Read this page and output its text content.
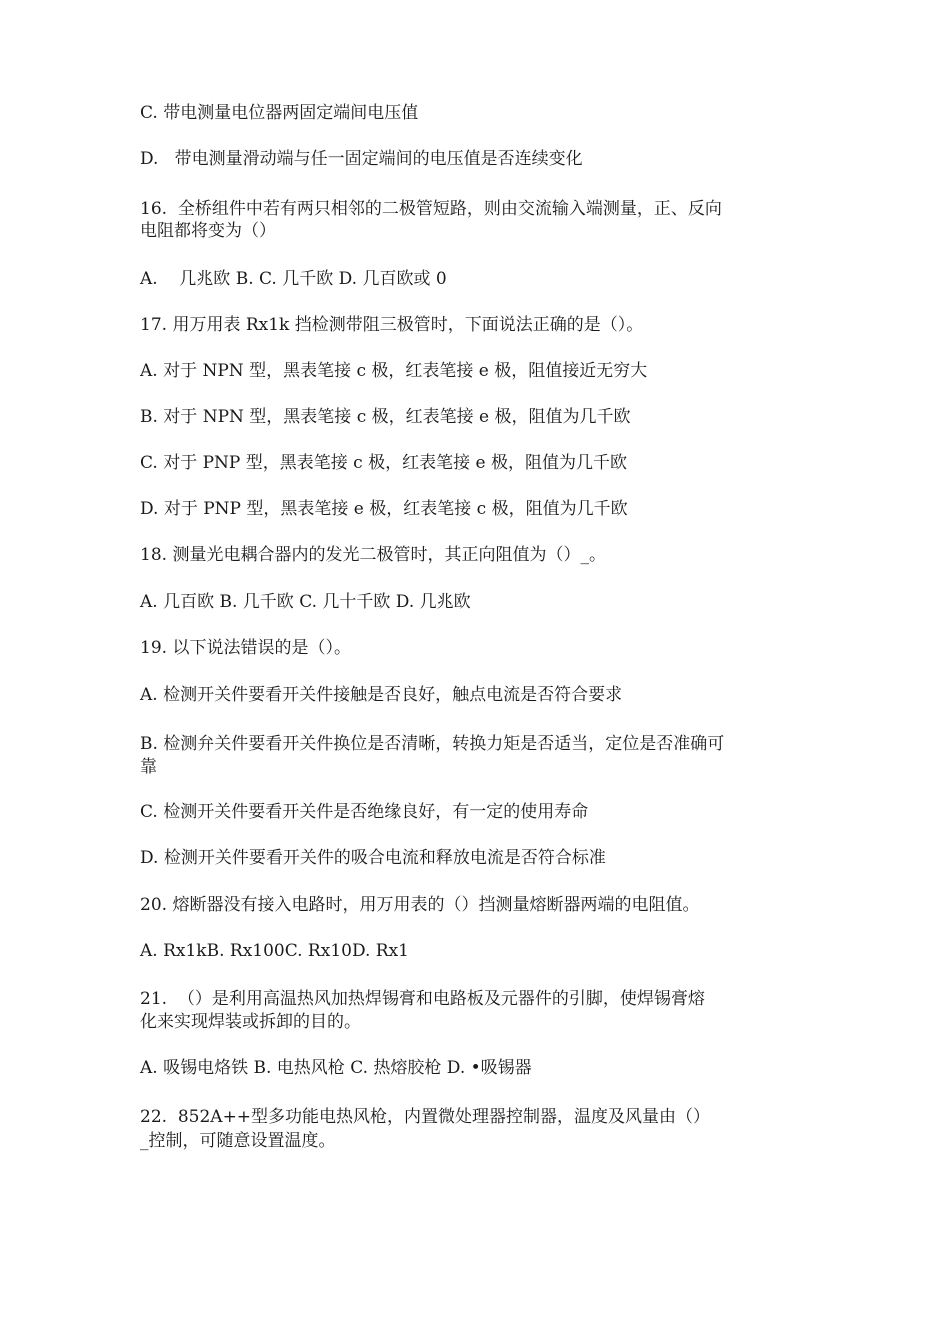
C. 带电测量电位器两固定端间电压值
D.   带电测量滑动端与任一固定端间的电压值是否连续变化
16.  全桥组件中若有两只相邻的二极管短路，则由交流输入端测量，正、反向
电阻都将变为（）
A.    几兆欧 B. C. 几千欧 D. 几百欧或 0
17. 用万用表 Rx1k 挡检测带阻三极管时，下面说法正确的是（）。
A. 对于 NPN 型，黑表笔接 c 极，红表笔接 e 极，阻值接近无穷大
B. 对于 NPN 型，黑表笔接 c 极，红表笔接 e 极，阻值为几千欧
C. 对于 PNP 型，黑表笔接 c 极，红表笔接 e 极，阻值为几千欧
D. 对于 PNP 型，黑表笔接 e 极，红表笔接 c 极，阻值为几千欧
18. 测量光电耦合器内的发光二极管时，其正向阻值为（）_。
A. 几百欧 B. 几千欧 C. 几十千欧 D. 几兆欧
19. 以下说法错误的是（）。
A. 检测开关件要看开关件接触是否良好，触点电流是否符合要求
B. 检测弁关件要看开关件换位是否清晰，转换力矩是否适当，定位是否准确可
靠
C. 检测开关件要看开关件是否绝缘良好，有一定的使用寿命
D. 检测开关件要看开关件的吸合电流和释放电流是否符合标准
20. 熔断器没有接入电路时，用万用表的（）挡测量熔断器两端的电阻值。
A. Rx1kB. Rx100C. Rx10D. Rx1
21.  （）是利用高温热风加热焊锡膏和电路板及元器件的引脚，使焊锡膏熔
化来实现焊装或拆卸的目的。
A. 吸锡电烙铁 B. 电热风枪 C. 热熔胶枪 D. •吸锡器
22.  852A++型多功能电热风枪，内置微处理器控制器，温度及风量由（）
_控制，可随意设置温度。
